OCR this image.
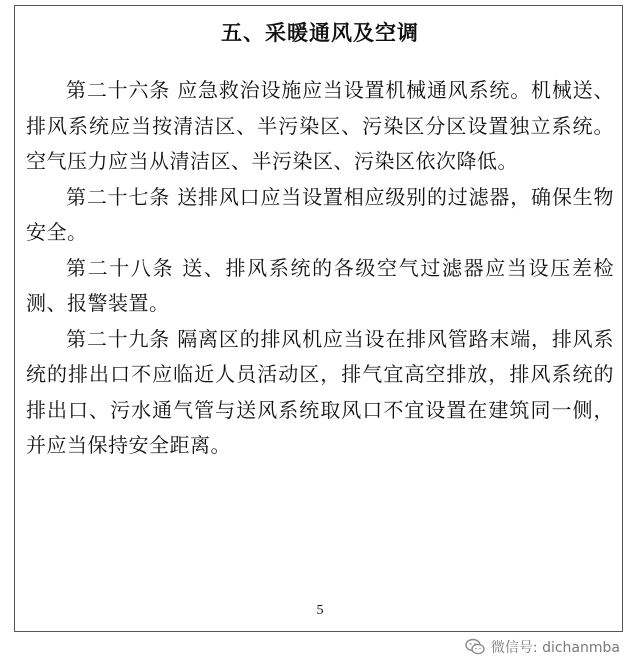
五、采暖通风及空调

第二十六条 应急救治设施应当设置机械通风系统。机械送、排风系统应当按清洁区、半污染区、污染区分区设置独立系统。空气压力应当从清洁区、半污染区、污染区依次降低。

第二十七条 送排风口应当设置相应级别的过滤器，确保生物安全。

第二十八条 送、排风系统的各级空气过滤器应当设压差检测、报警装置。

第二十九条 隔离区的排风机应当设在排风管路末端，排风系统的排出口不应临近人员活动区，排气宜高空排放，排风系统的排出口、污水通气管与送风系统取风口不宜设置在建筑同一侧，并应当保持安全距离。

5
微信号: dichanmba
